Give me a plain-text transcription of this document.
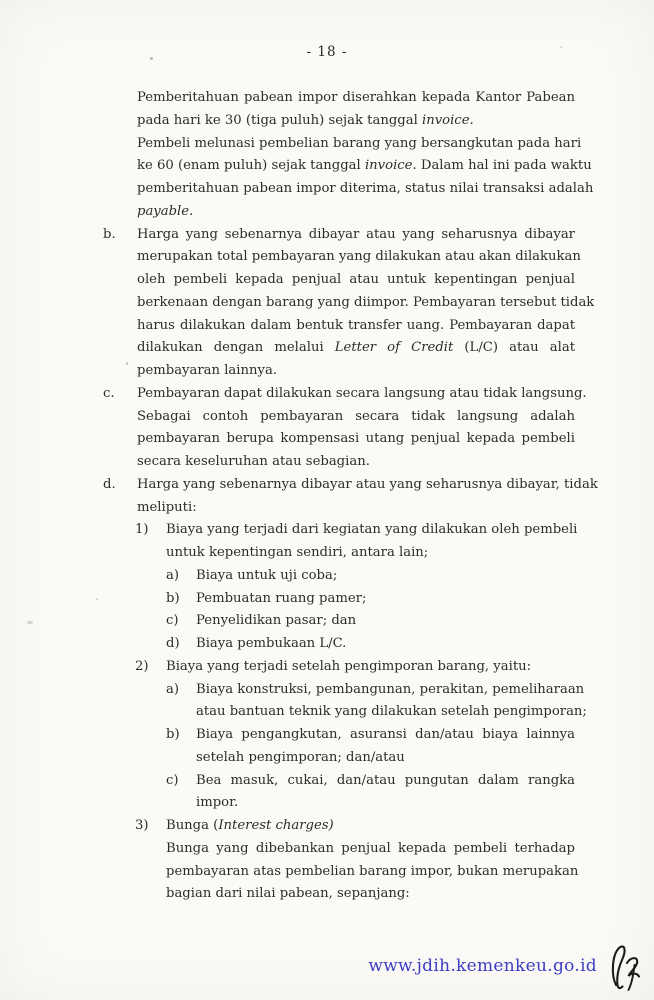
- 18 -
Pemberitahuan pabean impor diserahkan kepada Kantor Pabean
pada hari ke 30 (tiga puluh) sejak tanggal invoice.
Pembeli melunasi pembelian barang yang bersangkutan pada hari
ke 60 (enam puluh) sejak tanggal invoice. Dalam hal ini pada waktu
pemberitahuan pabean impor diterima, status nilai transaksi adalah
payable.
b. Harga yang sebenarnya dibayar atau yang seharusnya dibayar
merupakan total pembayaran yang dilakukan atau akan dilakukan
oleh pembeli kepada penjual atau untuk kepentingan penjual
berkenaan dengan barang yang diimpor. Pembayaran tersebut tidak
harus dilakukan dalam bentuk transfer uang. Pembayaran dapat
dilakukan dengan melalui Letter of Credit (L/C) atau alat
pembayaran lainnya.
c. Pembayaran dapat dilakukan secara langsung atau tidak langsung.
Sebagai contoh pembayaran secara tidak langsung adalah
pembayaran berupa kompensasi utang penjual kepada pembeli
secara keseluruhan atau sebagian.
d. Harga yang sebenarnya dibayar atau yang seharusnya dibayar, tidak
meliputi:
1) Biaya yang terjadi dari kegiatan yang dilakukan oleh pembeli
untuk kepentingan sendiri, antara lain;
a) Biaya untuk uji coba;
b) Pembuatan ruang pamer;
c) Penyelidikan pasar; dan
d) Biaya pembukaan L/C.
2) Biaya yang terjadi setelah pengimporan barang, yaitu:
a) Biaya konstruksi, pembangunan, perakitan, pemeliharaan
atau bantuan teknik yang dilakukan setelah pengimporan;
b) Biaya pengangkutan, asuransi dan/atau biaya lainnya
setelah pengimporan; dan/atau
c) Bea masuk, cukai, dan/atau pungutan dalam rangka
impor.
3) Bunga (Interest charges)
Bunga yang dibebankan penjual kepada pembeli terhadap
pembayaran atas pembelian barang impor, bukan merupakan
bagian dari nilai pabean, sepanjang:
www.jdih.kemenkeu.go.id
